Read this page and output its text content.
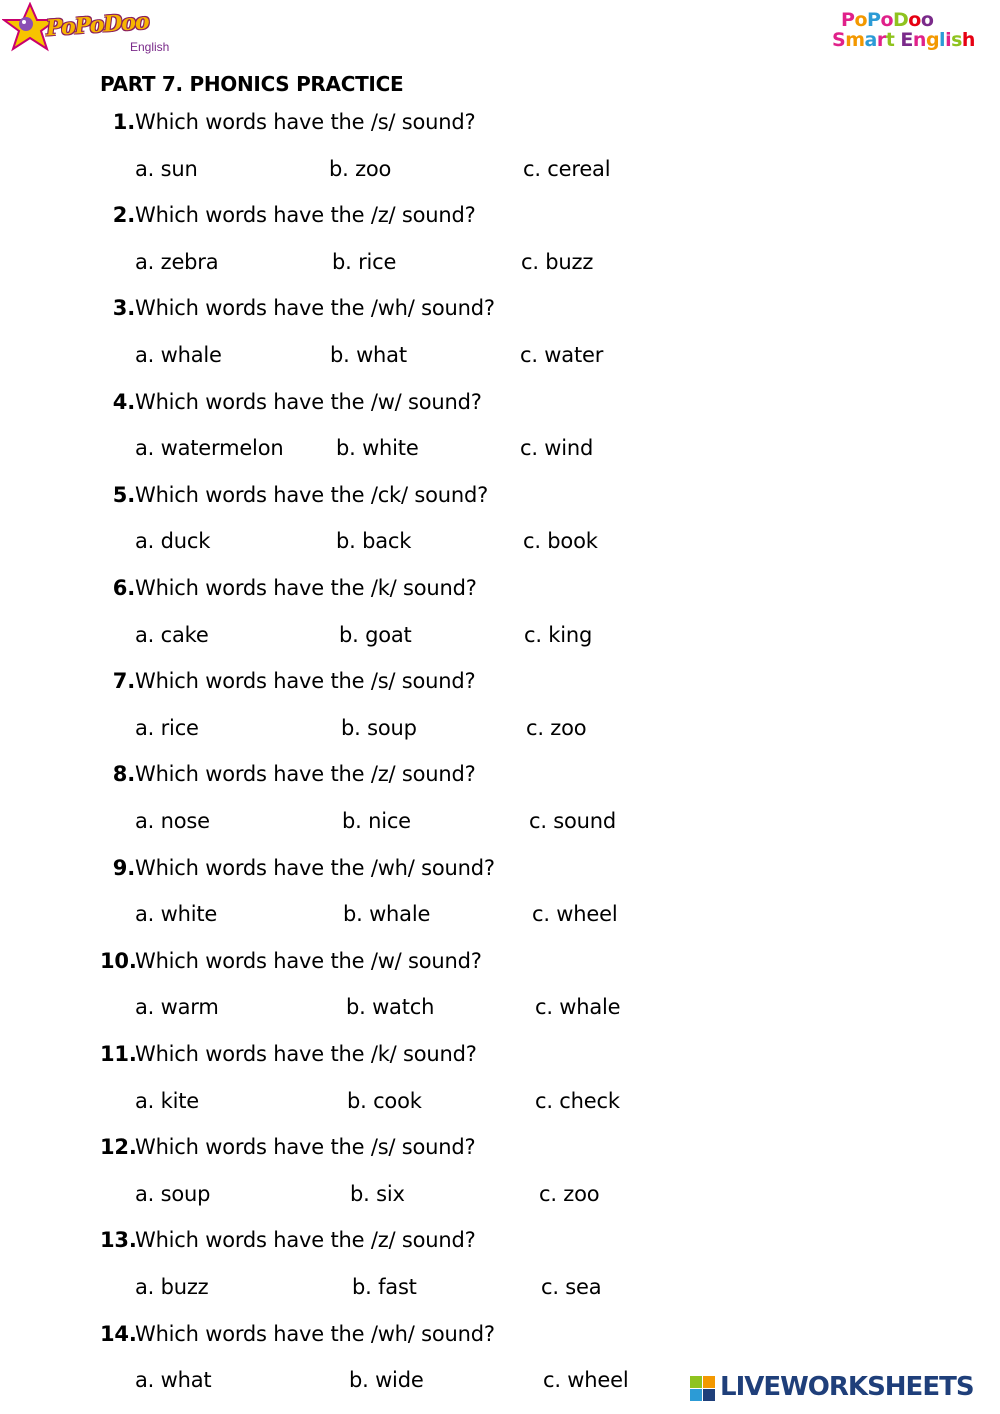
PoPoDoo
English
PoPoDoo
Smart English
PART 7. PHONICS PRACTICE
1.Which words have the /s/ sound?
a. sun	b. zoo	c. cereal
2.Which words have the /z/ sound?
a. zebra	b. rice	c. buzz
3.Which words have the /wh/ sound?
a. whale	b. what	c. water
4.Which words have the /w/ sound?
a. watermelon	b. white	c. wind
5.Which words have the /ck/ sound?
a. duck	b. back	c. book
6.Which words have the /k/ sound?
a. cake	b. goat	c. king
7.Which words have the /s/ sound?
a. rice	b. soup	c. zoo
8.Which words have the /z/ sound?
a. nose	b. nice	c. sound
9.Which words have the /wh/ sound?
a. white	b. whale	c. wheel
10.Which words have the /w/ sound?
a. warm	b. watch	c. whale
11.Which words have the /k/ sound?
a. kite	b. cook	c. check
12.Which words have the /s/ sound?
a. soup	b. six	c. zoo
13.Which words have the /z/ sound?
a. buzz	b. fast	c. sea
14.Which words have the /wh/ sound?
a. what	b. wide	c. wheel	LIVEWORKSHEETS
